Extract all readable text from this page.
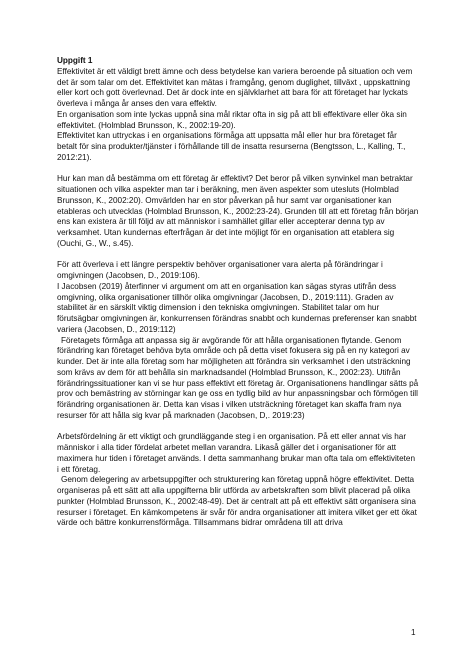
Uppgift 1

Effektivitet är ett väldigt brett ämne och dess betydelse kan variera beroende på situation och vem det är som talar om det. Effektivitet kan mätas i framgång, genom duglighet, tillväxt , uppskattning eller kort och gott överlevnad. Det är dock inte en självklarhet att bara för att företaget har lyckats överleva i många år anses den vara effektiv.

En organisation som inte lyckas uppnå sina mål riktar ofta in sig på att bli effektivare eller öka sin effektivitet. (Holmblad Brunsson, K., 2002:19-20).

Effektivitet kan uttryckas i en organisations förmåga att uppsatta mål eller hur bra företaget får betalt för sina produkter/tjänster i förhållande till de insatta resurserna (Bengtsson, L., Kalling, T., 2012:21).

Hur kan man då bestämma om ett företag är effektivt? Det beror på vilken synvinkel man betraktar situationen och vilka aspekter man tar i beräkning, men även aspekter som utesluts (Holmblad Brunsson, K., 2002:20). Omvärlden har en stor påverkan på hur samt var organisationer kan etableras och utvecklas (Holmblad Brunsson, K., 2002:23-24). Grunden till att ett företag från början ens kan existera är till följd av att människor i samhället gillar eller accepterar denna typ av verksamhet. Utan kundernas efterfrågan är det inte möjligt för en organisation att etablera sig (Ouchi, G., W., s.45).

För att överleva i ett längre perspektiv behöver organisationer vara alerta på förändringar i omgivningen (Jacobsen, D., 2019:106).

I Jacobsen (2019) återfinner vi argument om att en organisation kan sägas styras utifrån dess omgivning, olika organisationer tillhör olika omgivningar (Jacobsen, D., 2019:111). Graden av stabilitet är en särskilt viktig dimension i den tekniska omgivningen. Stabilitet talar om hur förutsägbar omgivningen är, konkurrensen förändras snabbt och kundernas preferenser kan snabbt variera (Jacobsen, D., 2019:112)

Företagets förmåga att anpassa sig är avgörande för att hålla organisationen flytande. Genom förändring kan företaget behöva byta område och på detta viset fokusera sig på en ny kategori av kunder. Det är inte alla företag som har möjligheten att förändra sin verksamhet i den utsträckning som krävs av dem för att behålla sin marknadsandel (Holmblad Brunsson, K., 2002:23). Utifrån förändringssituationer kan vi se hur pass effektivt ett företag är. Organisationens handlingar sätts på prov och bemästring av störningar kan ge oss en tydlig bild av hur anpassningsbar och förmögen till förändring organisationen är. Detta kan visas i vilken utsträckning företaget kan skaffa fram nya resurser för att hålla sig kvar på marknaden (Jacobsen, D,. 2019:23)

Arbetsfördelning är ett viktigt och grundläggande steg i en organisation. På ett eller annat vis har människor i alla tider fördelat arbetet mellan varandra. Likaså gäller det i organisationer för att maximera hur tiden i företaget används. I detta sammanhang brukar man ofta tala om effektiviteten i ett företag.

Genom delegering av arbetsuppgifter och strukturering kan företag uppnå högre effektivitet. Detta organiseras på ett sätt att alla uppgifterna blir utförda av arbetskraften som blivit placerad på olika punkter (Holmblad Brunsson, K., 2002:48-49). Det är centralt att på ett effektivt sätt organisera sina resurser i företaget. En kämkompetens är svår för andra organisationer att imitera vilket ger ett ökat värde och bättre konkurrensförmåga. Tillsammans bidrar områdena till att driva

1
